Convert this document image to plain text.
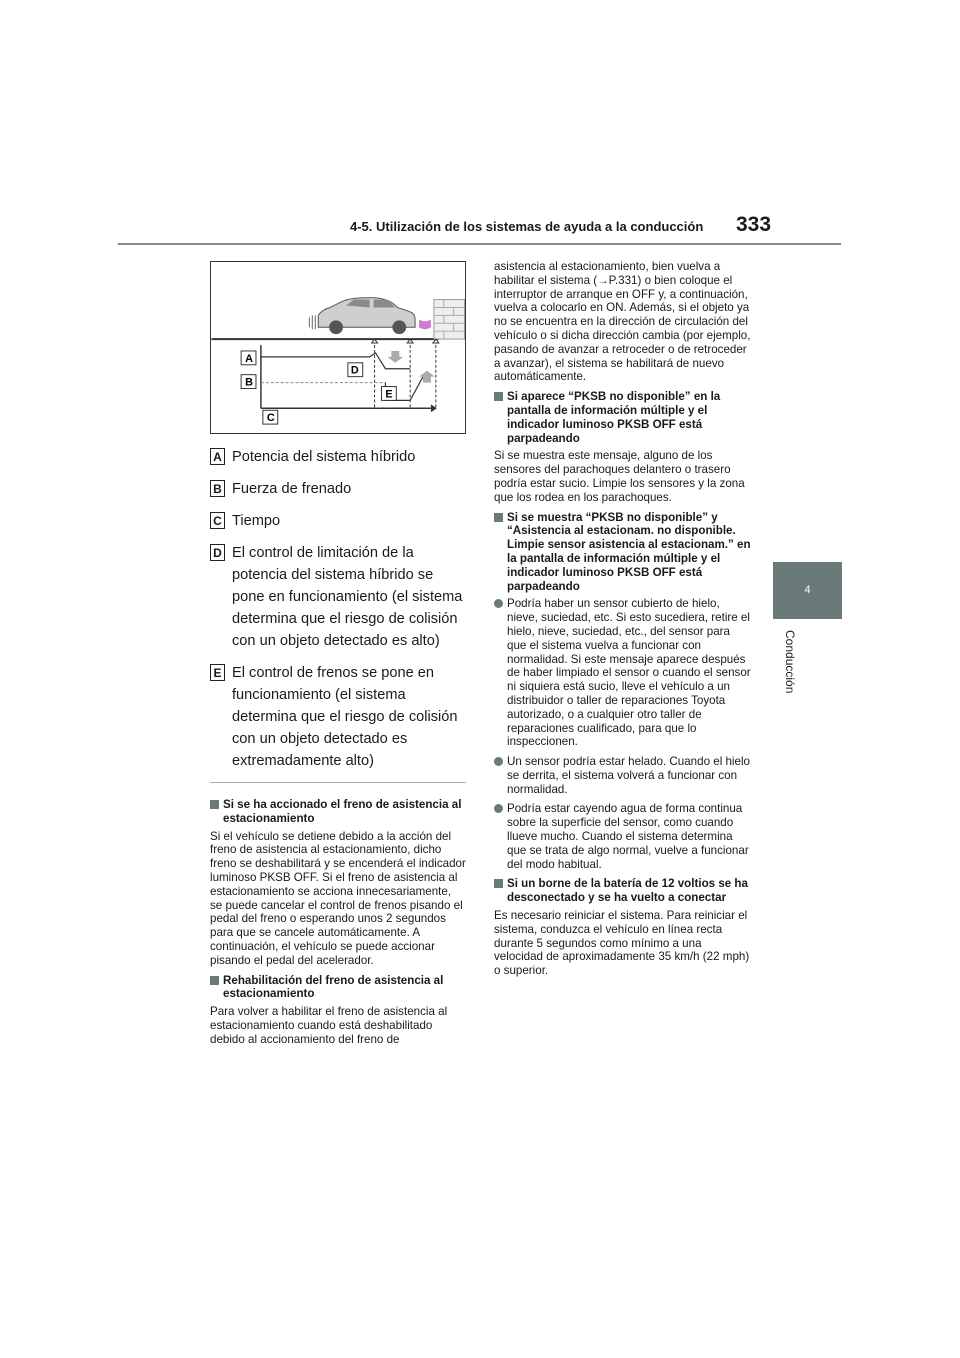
4-5. Utilización de los sistemas de ayuda a la conducción 333
4
Conducción
A
B
C
D
E
A Potencia del sistema híbrido
B Fuerza de frenado
C Tiempo
D El control de limitación de la potencia del sistema híbrido se pone en funcionamiento (el sistema determina que el riesgo de colisión con un objeto detectado es alto)
E El control de frenos se pone en funcionamiento (el sistema determina que el riesgo de colisión con un objeto detectado es extremadamente alto)
Si se ha accionado el freno de asistencia al estacionamiento

Si el vehículo se detiene debido a la acción del freno de asistencia al estacionamiento, dicho freno se deshabilitará y se encenderá el indicador luminoso PKSB OFF. Si el freno de asistencia al estacionamiento se acciona innecesariamente, se puede cancelar el control de frenos pisando el pedal del freno o esperando unos 2 segundos para que se cancele automáticamente. A continuación, el vehículo se puede accionar pisando el pedal del acelerador.

Rehabilitación del freno de asistencia al estacionamiento

Para volver a habilitar el freno de asistencia al estacionamiento cuando está deshabilitado debido al accionamiento del freno de

asistencia al estacionamiento, bien vuelva a habilitar el sistema (→P.331) o bien coloque el interruptor de arranque en OFF y, a continuación, vuelva a colocarlo en ON. Además, si el objeto ya no se encuentra en la dirección de circulación del vehículo o si dicha dirección cambia (por ejemplo, pasando de avanzar a retroceder o de retroceder a avanzar), el sistema se habilitará de nuevo automáticamente.

Si aparece “PKSB no disponible” en la pantalla de información múltiple y el indicador luminoso PKSB OFF está parpadeando

Si se muestra este mensaje, alguno de los sensores del parachoques delantero o trasero podría estar sucio. Limpie los sensores y la zona que los rodea en los parachoques.

Si se muestra “PKSB no disponible” y “Asistencia al estacionam. no disponible. Limpie sensor asistencia al estacionam.” en la pantalla de información múltiple y el indicador luminoso PKSB OFF está parpadeando
Podría haber un sensor cubierto de hielo, nieve, suciedad, etc. Si esto sucediera, retire el hielo, nieve, suciedad, etc., del sensor para que el sistema vuelva a funcionar con normalidad. Si este mensaje aparece después de haber limpiado el sensor o cuando el sensor ni siquiera está sucio, lleve el vehículo a un distribuidor o taller de reparaciones Toyota autorizado, o a cualquier otro taller de reparaciones cualificado, para que lo inspeccionen.
Un sensor podría estar helado. Cuando el hielo se derrita, el sistema volverá a funcionar con normalidad.
Podría estar cayendo agua de forma continua sobre la superficie del sensor, como cuando llueve mucho. Cuando el sistema determina que se trata de algo normal, vuelve a funcionar del modo habitual.
Si un borne de la batería de 12 voltios se ha desconectado y se ha vuelto a conectar

Es necesario reiniciar el sistema. Para reiniciar el sistema, conduzca el vehículo en línea recta durante 5 segundos como mínimo a una velocidad de aproximadamente 35 km/h (22 mph) o superior.
